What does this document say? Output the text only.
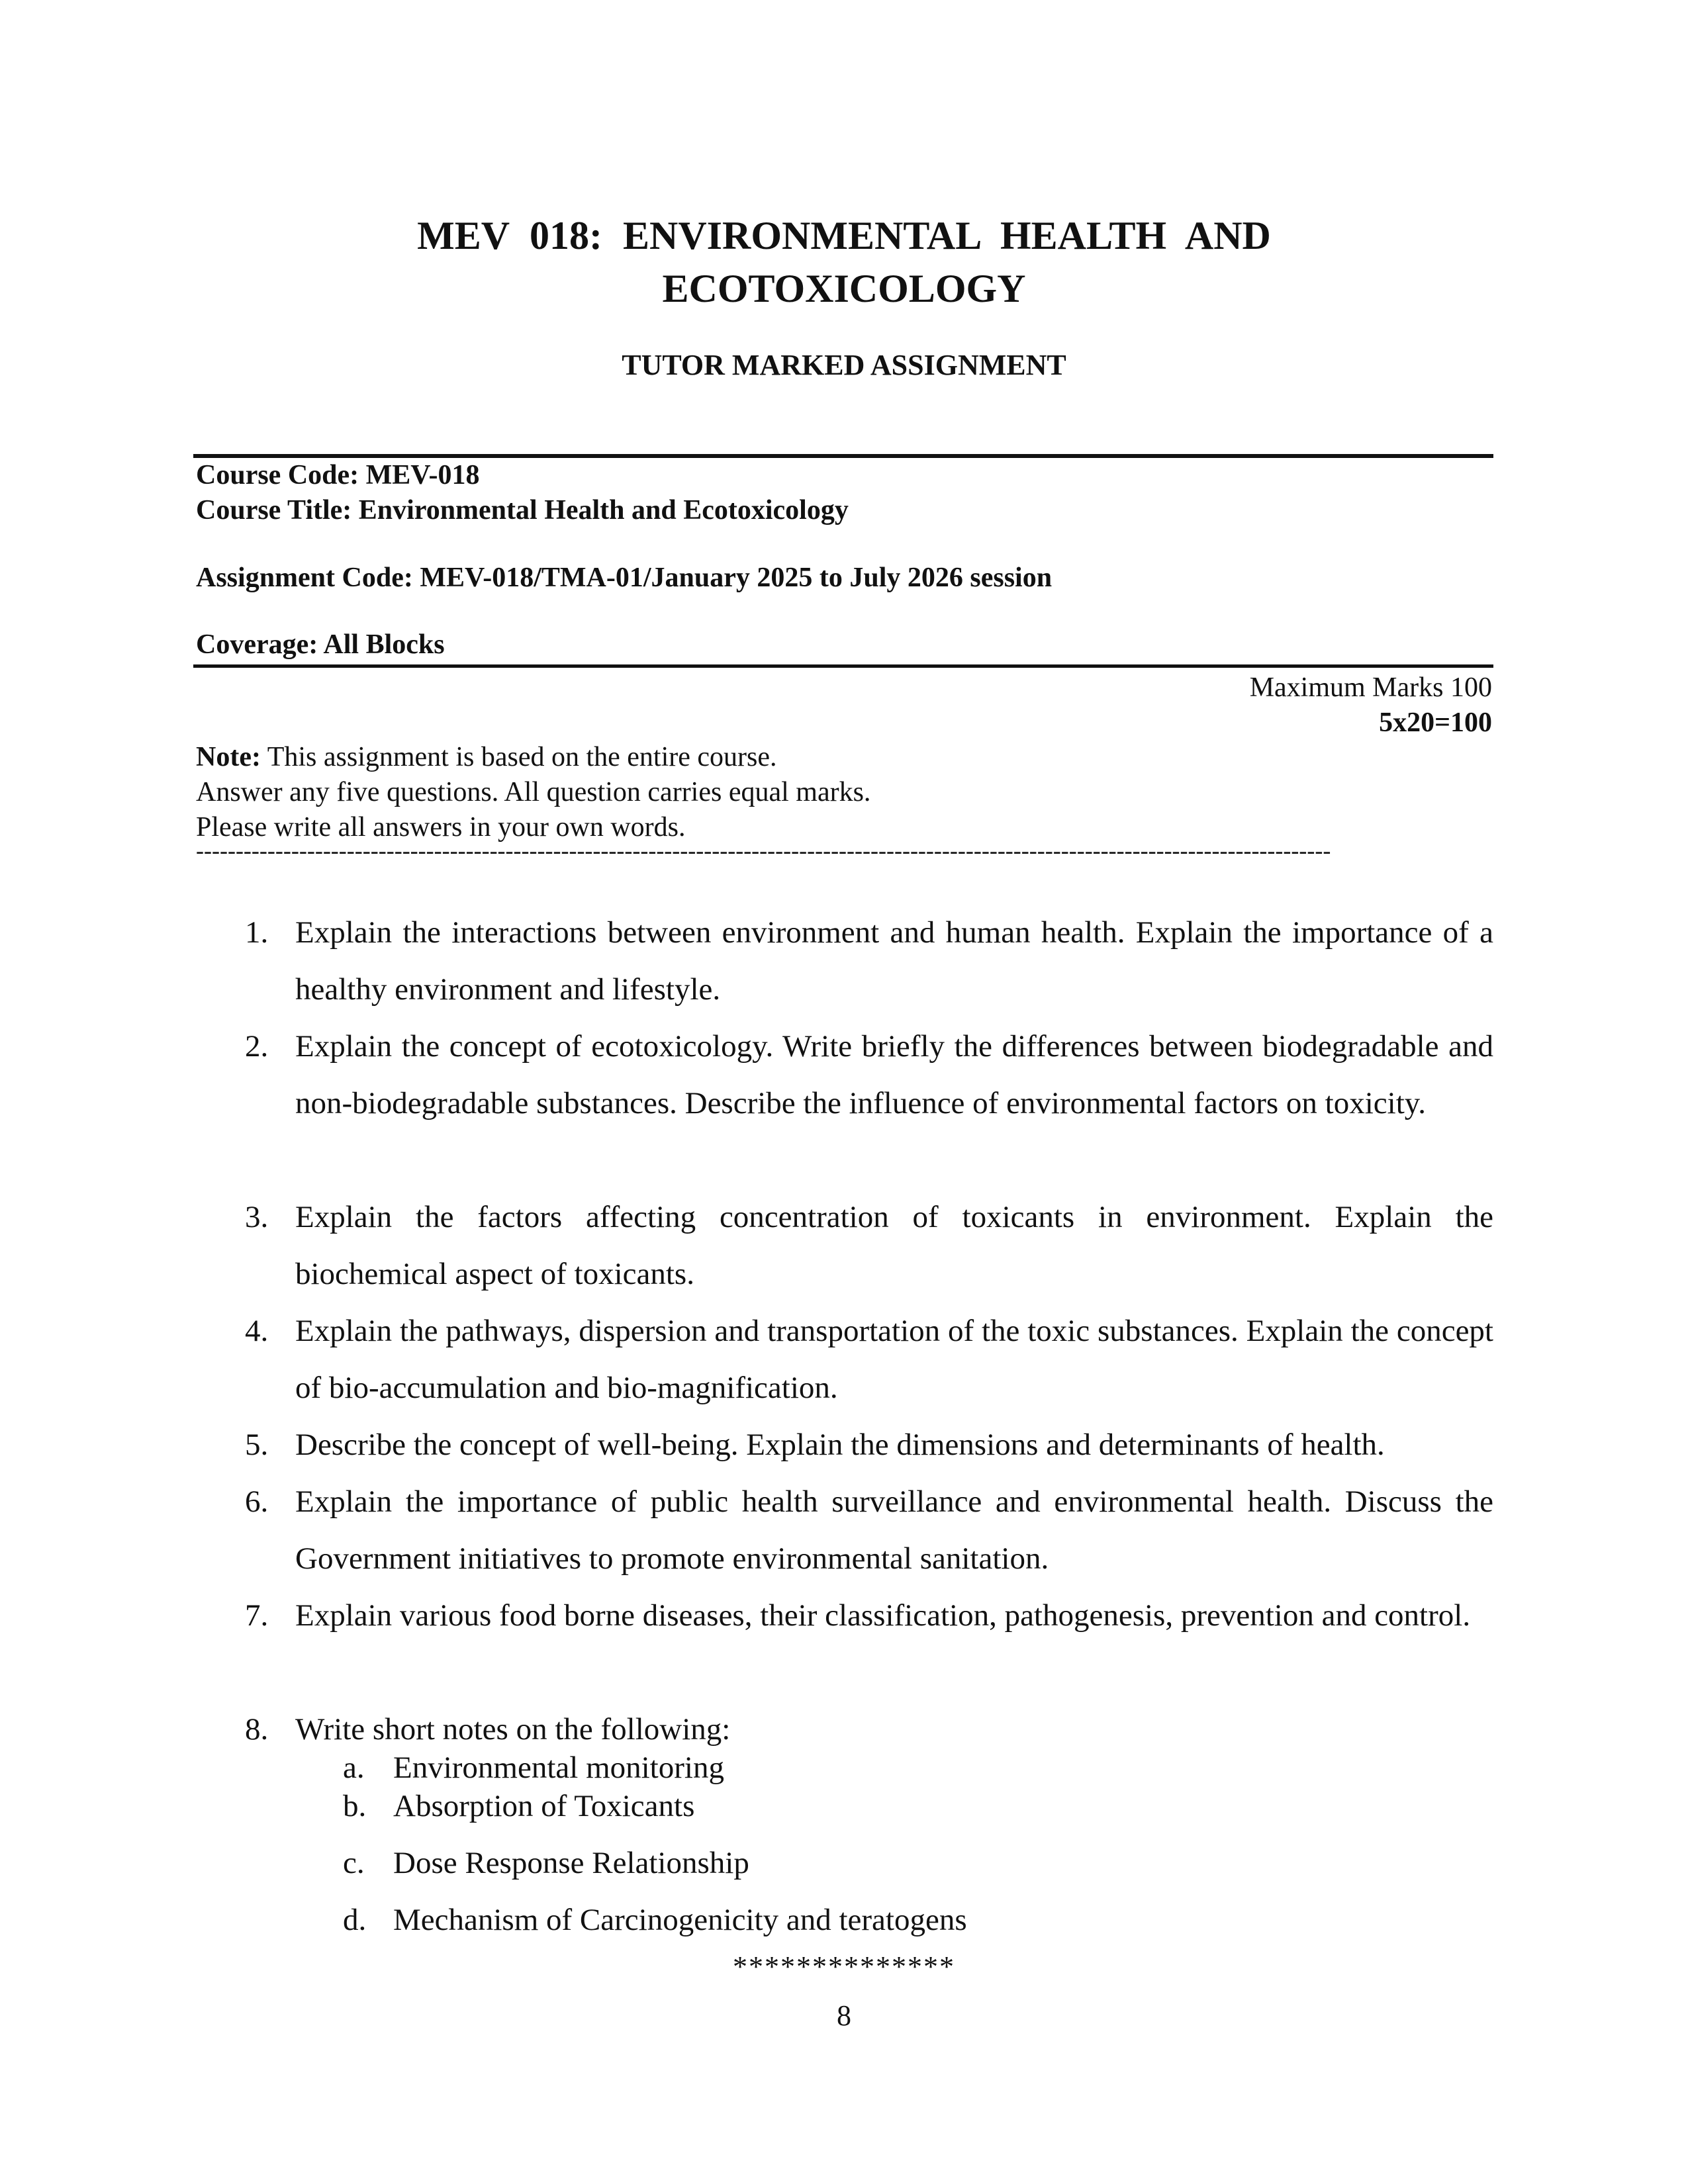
MEV 018: ENVIRONMENTAL HEALTH AND
ECOTOXICOLOGY
TUTOR MARKED ASSIGNMENT
Course Code: MEV-018
Course Title: Environmental Health and Ecotoxicology
Assignment Code: MEV-018/TMA-01/January 2025 to July 2026 session
Coverage: All Blocks
Maximum Marks 100
5x20=100
Note: This assignment is based on the entire course.
Answer any five questions. All question carries equal marks.
Please write all answers in your own words.
-----------------------------------------------------------------------------------------------------------------------------------------------
1. Explain the interactions between environment and human health. Explain the importance of a healthy environment and lifestyle.
2. Explain the concept of ecotoxicology. Write briefly the differences between biodegradable and non-biodegradable substances. Describe the influence of environmental factors on toxicity.
3. Explain the factors affecting concentration of toxicants in environment. Explain the biochemical aspect of toxicants.
4. Explain the pathways, dispersion and transportation of the toxic substances. Explain the concept of bio-accumulation and bio-magnification.
5. Describe the concept of well-being. Explain the dimensions and determinants of health.
6. Explain the importance of public health surveillance and environmental health. Discuss the Government initiatives to promote environmental sanitation.
7. Explain various food borne diseases, their classification, pathogenesis, prevention and control.
8. Write short notes on the following:
a. Environmental monitoring
b. Absorption of Toxicants
c. Dose Response Relationship
d. Mechanism of Carcinogenicity and teratogens
**************
8
